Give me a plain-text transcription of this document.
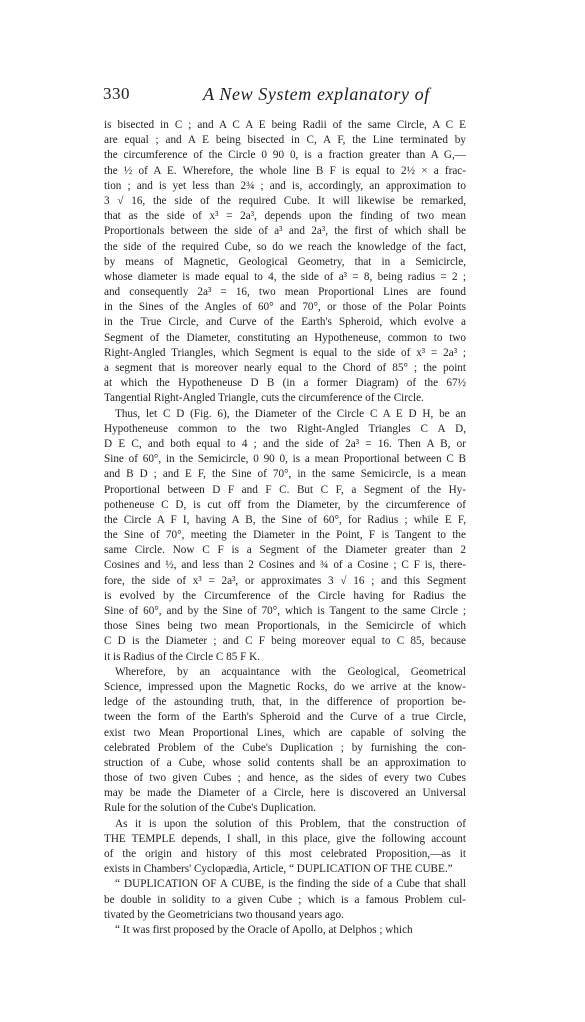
330	A New System explanatory of
is bisected in C ; and A C A E being Radii of the same Circle, A C E
are equal ; and A E being bisected in C, A F, the Line terminated by
the circumference of the Circle 0 90 0, is a fraction greater than A G,—
the ½ of A E. Wherefore, the whole line B F is equal to 2½ × a frac-
tion ; and is yet less than 2¾ ; and is, accordingly, an approximation to
3 √ 16, the side of the required Cube. It will likewise be remarked,
that as the side of x³ = 2a³, depends upon the finding of two mean
Proportionals between the side of a³ and 2a³, the first of which shall be
the side of the required Cube, so do we reach the knowledge of the fact,
by means of Magnetic, Geological Geometry, that in a Semicircle,
whose diameter is made equal to 4, the side of a³ = 8, being radius = 2 ;
and consequently 2a³ = 16, two mean Proportional Lines are found
in the Sines of the Angles of 60° and 70°, or those of the Polar Points
in the True Circle, and Curve of the Earth's Spheroid, which evolve a
Segment of the Diameter, constituting an Hypotheneuse, common to two
Right-Angled Triangles, which Segment is equal to the side of x³ = 2a³ ;
a segment that is moreover nearly equal to the Chord of 85° ; the point
at which the Hypotheneuse D B (in a former Diagram) of the 67½
Tangential Right-Angled Triangle, cuts the circumference of the Circle.
Thus, let C D (Fig. 6), the Diameter of the Circle C A E D H, be an
Hypotheneuse common to the two Right-Angled Triangles C A D,
D E C, and both equal to 4 ; and the side of 2a³ = 16. Then A B, or
Sine of 60°, in the Semicircle, 0 90 0, is a mean Proportional between C B
and B D ; and E F, the Sine of 70°, in the same Semicircle, is a mean
Proportional between D F and F C. But C F, a Segment of the Hy-
potheneuse C D, is cut off from the Diameter, by the circumference of
the Circle A F I, having A B, the Sine of 60°, for Radius ; while E F,
the Sine of 70°, meeting the Diameter in the Point, F is Tangent to the
same Circle. Now C F is a Segment of the Diameter greater than 2
Cosines and ½, and less than 2 Cosines and ¾ of a Cosine ; C F is, there-
fore, the side of x³ = 2a³, or approximates 3 √ 16 ; and this Segment
is evolved by the Circumference of the Circle having for Radius the
Sine of 60°, and by the Sine of 70°, which is Tangent to the same Circle ;
those Sines being two mean Proportionals, in the Semicircle of which
C D is the Diameter ; and C F being moreover equal to C 85, because
it is Radius of the Circle C 85 F K.
Wherefore, by an acquaintance with the Geological, Geometrical
Science, impressed upon the Magnetic Rocks, do we arrive at the know-
ledge of the astounding truth, that, in the difference of proportion be-
tween the form of the Earth's Spheroid and the Curve of a true Circle,
exist two Mean Proportional Lines, which are capable of solving the
celebrated Problem of the Cube's Duplication ; by furnishing the con-
struction of a Cube, whose solid contents shall be an approximation to
those of two given Cubes ; and hence, as the sides of every two Cubes
may be made the Diameter of a Circle, here is discovered an Universal
Rule for the solution of the Cube's Duplication.
As it is upon the solution of this Problem, that the construction of
THE TEMPLE depends, I shall, in this place, give the following account
of the origin and history of this most celebrated Proposition,—as it
exists in Chambers' Cyclopædia, Article, “ DUPLICATION OF THE CUBE.”
“ DUPLICATION OF A CUBE, is the finding the side of a Cube that shall
be double in solidity to a given Cube ; which is a famous Problem cul-
tivated by the Geometricians two thousand years ago.
“ It was first proposed by the Oracle of Apollo, at Delphos ; which
